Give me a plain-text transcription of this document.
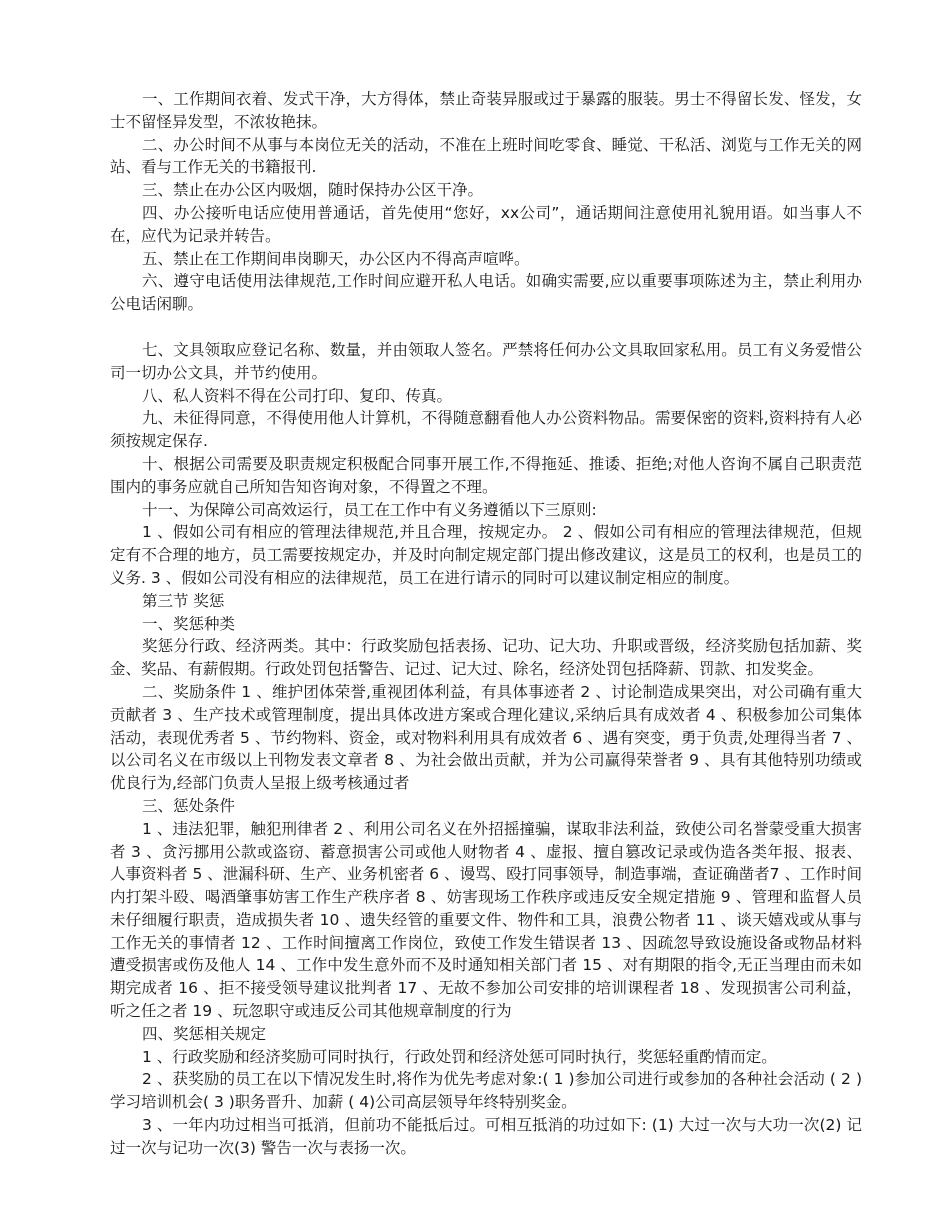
一、工作期间衣着、发式干净，大方得体，禁止奇装异服或过于暴露的服装。男士不得留长发、怪发，女士不留怪异发型，不浓妆艳抹。

二、办公时间不从事与本岗位无关的活动，不准在上班时间吃零食、睡觉、干私活、浏览与工作无关的网站、看与工作无关的书籍报刊.

三、禁止在办公区内吸烟，随时保持办公区干净。

四、办公接听电话应使用普通话，首先使用“您好，xx公司”，通话期间注意使用礼貌用语。如当事人不在，应代为记录并转告。

五、禁止在工作期间串岗聊天，办公区内不得高声喧哗。

六、遵守电话使用法律规范,工作时间应避开私人电话。如确实需要,应以重要事项陈述为主，禁止利用办公电话闲聊。

七、文具领取应登记名称、数量，并由领取人签名。严禁将任何办公文具取回家私用。员工有义务爱惜公司一切办公文具，并节约使用。

八、私人资料不得在公司打印、复印、传真。

九、未征得同意，不得使用他人计算机，不得随意翻看他人办公资料物品。需要保密的资料,资料持有人必须按规定保存.

十、根据公司需要及职责规定积极配合同事开展工作,不得拖延、推诿、拒绝;对他人咨询不属自己职责范围内的事务应就自己所知告知咨询对象，不得置之不理。

十一、为保障公司高效运行，员工在工作中有义务遵循以下三原则:

1 、假如公司有相应的管理法律规范,并且合理，按规定办。 2 、假如公司有相应的管理法律规范，但规定有不合理的地方，员工需要按规定办，并及时向制定规定部门提出修改建议，这是员工的权利，也是员工的义务. 3 、假如公司没有相应的法律规范，员工在进行请示的同时可以建议制定相应的制度。

第三节 奖惩

一、奖惩种类

奖惩分行政、经济两类。其中：行政奖励包括表扬、记功、记大功、升职或晋级，经济奖励包括加薪、奖金、奖品、有薪假期。行政处罚包括警告、记过、记大过、除名，经济处罚包括降薪、罚款、扣发奖金。

二、奖励条件 1 、维护团体荣誉,重视团体利益，有具体事迹者 2 、讨论制造成果突出，对公司确有重大贡献者 3 、生产技术或管理制度，提出具体改进方案或合理化建议,采纳后具有成效者 4 、积极参加公司集体活动，表现优秀者 5 、节约物料、资金，或对物料利用具有成效者 6 、遇有突变，勇于负责,处理得当者 7 、以公司名义在市级以上刊物发表文章者 8 、为社会做出贡献，并为公司赢得荣誉者 9 、具有其他特别功绩或优良行为,经部门负责人呈报上级考核通过者

三、惩处条件

1 、违法犯罪，触犯刑律者 2 、利用公司名义在外招摇撞骗，谋取非法利益，致使公司名誉蒙受重大损害者 3 、贪污挪用公款或盗窃、蓄意损害公司或他人财物者 4 、虚报、擅自篡改记录或伪造各类年报、报表、人事资料者 5 、泄漏科研、生产、业务机密者 6 、谩骂、殴打同事领导，制造事端，查证确凿者7 、工作时间内打架斗殴、喝酒肇事妨害工作生产秩序者 8 、妨害现场工作秩序或违反安全规定措施 9 、管理和监督人员未仔细履行职责，造成损失者 10 、遗失经管的重要文件、物件和工具，浪费公物者 11 、谈天嬉戏或从事与工作无关的事情者 12 、工作时间擅离工作岗位，致使工作发生错误者 13 、因疏忽导致设施设备或物品材料遭受损害或伤及他人 14 、工作中发生意外而不及时通知相关部门者 15 、对有期限的指令,无正当理由而未如期完成者 16 、拒不接受领导建议批判者 17 、无故不参加公司安排的培训课程者 18 、发现损害公司利益，听之任之者 19 、玩忽职守或违反公司其他规章制度的行为

四、奖惩相关规定

1 、行政奖励和经济奖励可同时执行，行政处罚和经济处惩可同时执行，奖惩轻重酌情而定。

2 、获奖励的员工在以下情况发生时,将作为优先考虑对象:( 1 )参加公司进行或参加的各种社会活动 ( 2 )学习培训机会( 3 )职务晋升、加薪 ( 4)公司高层领导年终特别奖金。

3 、一年内功过相当可抵消，但前功不能抵后过。可相互抵消的功过如下: (1) 大过一次与大功一次(2) 记过一次与记功一次(3) 警告一次与表扬一次。
